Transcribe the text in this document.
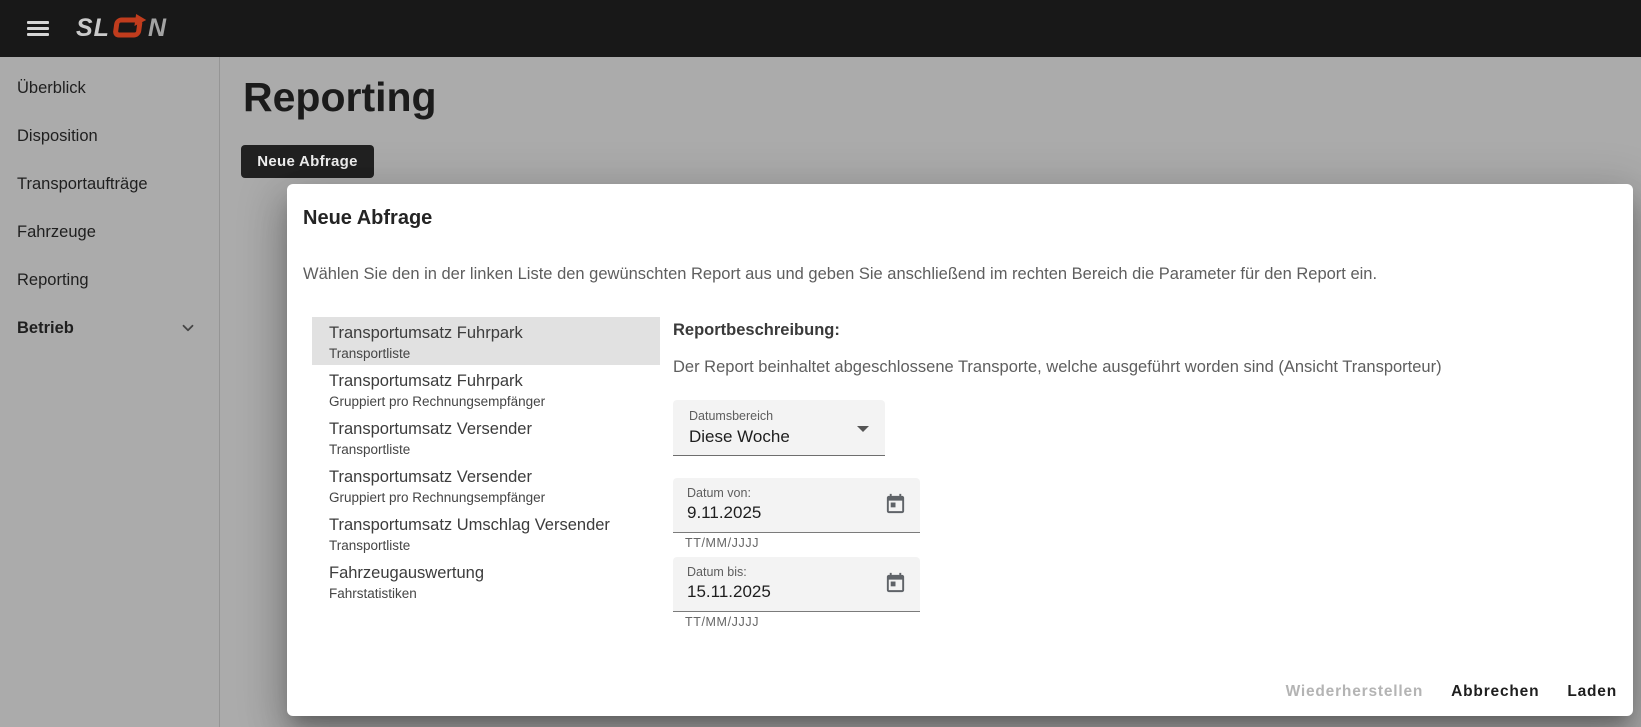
SL N
Überblick
Disposition
Transportaufträge
Fahrzeuge
Reporting
Betrieb
Reporting
Neue Abfrage
Neue Abfrage
Wählen Sie den in der linken Liste den gewünschten Report aus und geben Sie anschließend im rechten Bereich die Parameter für den Report ein.
Transportumsatz Fuhrpark
Transportliste
Transportumsatz Fuhrpark
Gruppiert pro Rechnungsempfänger
Transportumsatz Versender
Transportliste
Transportumsatz Versender
Gruppiert pro Rechnungsempfänger
Transportumsatz Umschlag Versender
Transportliste
Fahrzeugauswertung
Fahrstatistiken
Reportbeschreibung:
Der Report beinhaltet abgeschlossene Transporte, welche ausgeführt worden sind (Ansicht Transporteur)
Datumsbereich
Diese Woche
Datum von:
9.11.2025
TT/MM/JJJJ
Datum bis:
15.11.2025
TT/MM/JJJJ
Wiederherstellen Abbrechen Laden
